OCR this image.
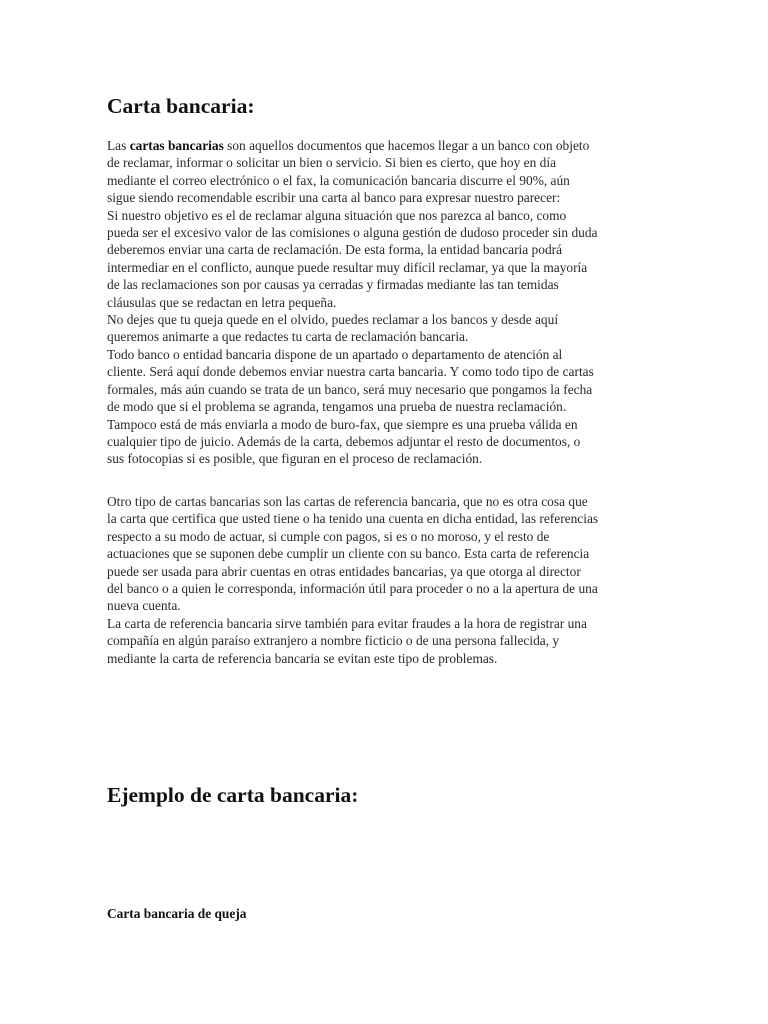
Carta bancaria:
Las cartas bancarias son aquellos documentos que hacemos llegar a un banco con objeto
de reclamar, informar o solicitar un bien o servicio. Si bien es cierto, que hoy en día
mediante el correo electrónico o el fax, la comunicación bancaria discurre el 90%, aún
sigue siendo recomendable escribir una carta al banco para expresar nuestro parecer:
Si nuestro objetivo es el de reclamar alguna situación que nos parezca al banco, como
pueda ser el excesivo valor de las comisiones o alguna gestión de dudoso proceder sin duda
deberemos enviar una carta de reclamación. De esta forma, la entidad bancaria podrá
intermediar en el conflicto, aunque puede resultar muy difícil reclamar, ya que la mayoría
de las reclamaciones son por causas ya cerradas y firmadas mediante las tan temidas
cláusulas que se redactan en letra pequeña.
No dejes que tu queja quede en el olvido, puedes reclamar a los bancos y desde aquí
queremos animarte a que redactes tu carta de reclamación bancaria.
Todo banco o entidad bancaria dispone de un apartado o departamento de atención al
cliente. Será aquí donde debemos enviar nuestra carta bancaria. Y como todo tipo de cartas
formales, más aún cuando se trata de un banco, será muy necesario que pongamos la fecha
de modo que si el problema se agranda, tengamos una prueba de nuestra reclamación.
Tampoco está de más enviarla a modo de buro-fax, que siempre es una prueba válida en
cualquier tipo de juicio. Además de la carta, debemos adjuntar el resto de documentos, o
sus fotocopias si es posible, que figuran en el proceso de reclamación.
Otro tipo de cartas bancarias son las cartas de referencia bancaria, que no es otra cosa que
la carta que certifica que usted tiene o ha tenido una cuenta en dicha entidad, las referencias
respecto a su modo de actuar, si cumple con pagos, si es o no moroso, y el resto de
actuaciones que se suponen debe cumplir un cliente con su banco. Esta carta de referencia
puede ser usada para abrir cuentas en otras entidades bancarias, ya que otorga al director
del banco o a quien le corresponda, información útil para proceder o no a la apertura de una
nueva cuenta.
La carta de referencia bancaria sirve también para evitar fraudes a la hora de registrar una
compañía en algún paraíso extranjero a nombre ficticio o de una persona fallecida, y
mediante la carta de referencia bancaria se evitan este tipo de problemas.
Ejemplo de carta bancaria:
Carta bancaria de queja
